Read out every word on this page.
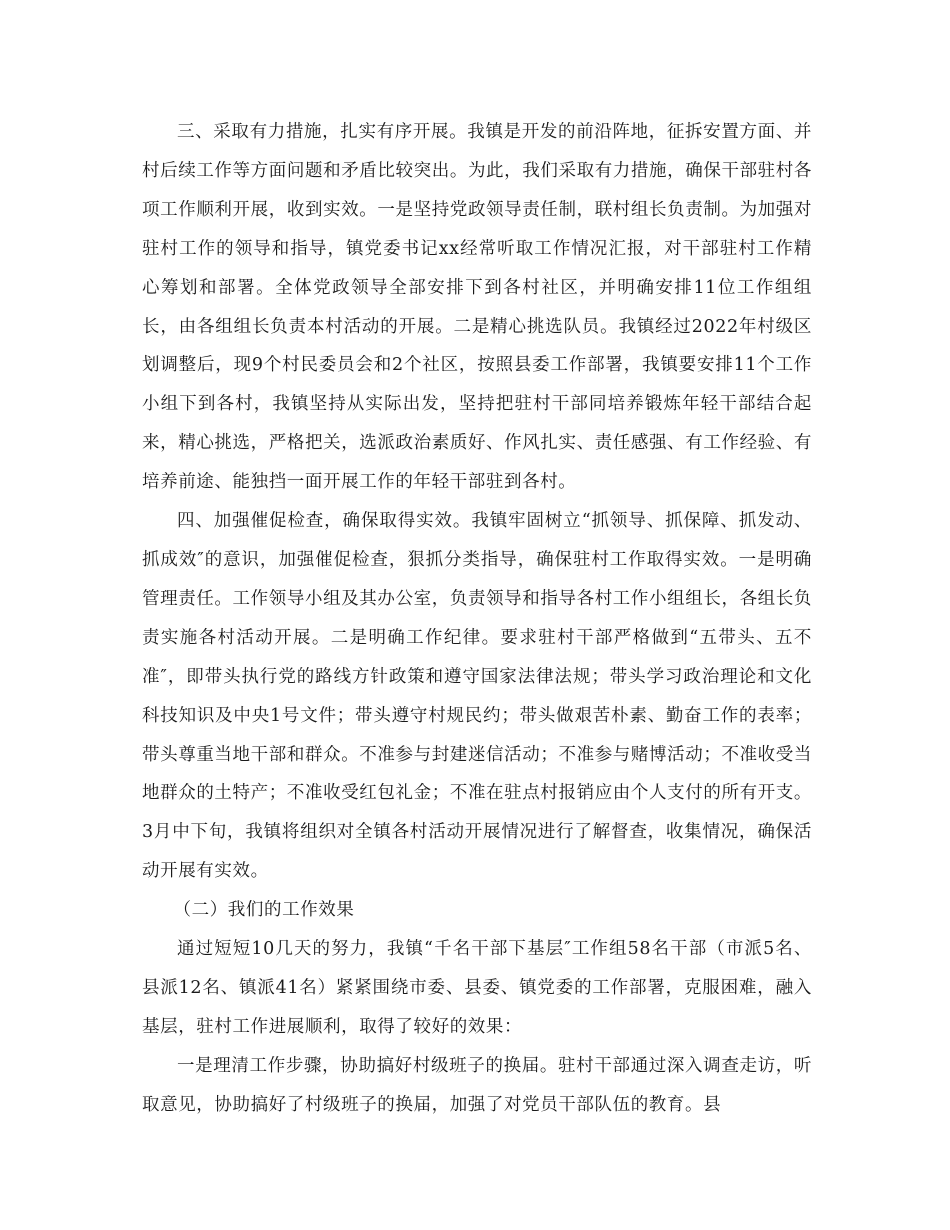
三、采取有力措施，扎实有序开展。我镇是开发的前沿阵地，征拆安置方面、并村后续工作等方面问题和矛盾比较突出。为此，我们采取有力措施，确保干部驻村各项工作顺利开展，收到实效。一是坚持党政领导责任制，联村组长负责制。为加强对驻村工作的领导和指导，镇党委书记xx经常听取工作情况汇报，对干部驻村工作精心筹划和部署。全体党政领导全部安排下到各村社区，并明确安排11位工作组组长，由各组组长负责本村活动的开展。二是精心挑选队员。我镇经过2022年村级区划调整后，现9个村民委员会和2个社区，按照县委工作部署，我镇要安排11个工作小组下到各村，我镇坚持从实际出发，坚持把驻村干部同培养锻炼年轻干部结合起来，精心挑选，严格把关，选派政治素质好、作风扎实、责任感强、有工作经验、有培养前途、能独挡一面开展工作的年轻干部驻到各村。

四、加强催促检查，确保取得实效。我镇牢固树立“抓领导、抓保障、抓发动、抓成效″的意识，加强催促检查，狠抓分类指导，确保驻村工作取得实效。一是明确管理责任。工作领导小组及其办公室，负责领导和指导各村工作小组组长，各组长负责实施各村活动开展。二是明确工作纪律。要求驻村干部严格做到“五带头、五不准″，即带头执行党的路线方针政策和遵守国家法律法规；带头学习政治理论和文化科技知识及中央1号文件；带头遵守村规民约；带头做艰苦朴素、勤奋工作的表率；带头尊重当地干部和群众。不准参与封建迷信活动；不准参与赌博活动；不准收受当地群众的土特产；不准收受红包礼金；不准在驻点村报销应由个人支付的所有开支。3月中下旬，我镇将组织对全镇各村活动开展情况进行了解督查，收集情况，确保活动开展有实效。

（二）我们的工作效果

通过短短10几天的努力，我镇“千名干部下基层″工作组58名干部（市派5名、县派12名、镇派41名）紧紧围绕市委、县委、镇党委的工作部署，克服困难，融入基层，驻村工作进展顺利，取得了较好的效果：

一是理清工作步骤，协助搞好村级班子的换届。驻村干部通过深入调查走访，听取意见，协助搞好了村级班子的换届，加强了对党员干部队伍的教育。县
